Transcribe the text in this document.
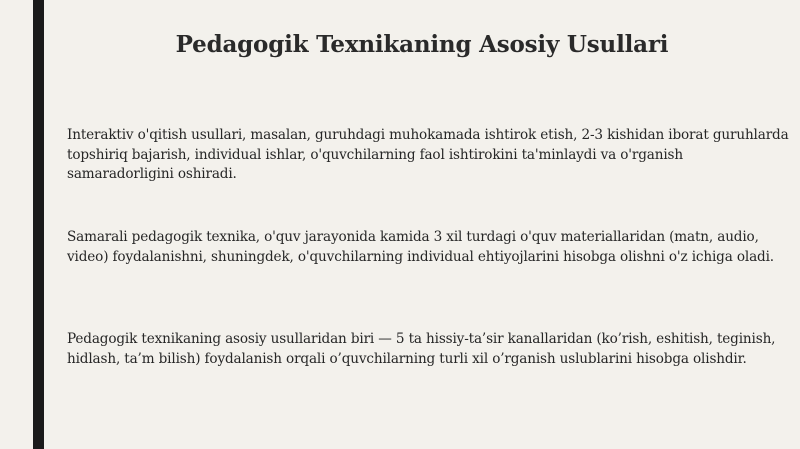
Pedagogik Texnikaning Asosiy Usullari

Interaktiv o'qitish usullari, masalan, guruhdagi muhokamada ishtirok etish, 2-3 kishidan iborat guruhlarda topshiriq bajarish, individual ishlar, o'quvchilarning faol ishtirokini ta'minlaydi va o'rganish samaradorligini oshiradi.

Samarali pedagogik texnika, o'quv jarayonida kamida 3 xil turdagi o'quv materiallaridan (matn, audio, video) foydalanishni, shuningdek, o'quvchilarning individual ehtiyojlarini hisobga olishni o'z ichiga oladi.

Pedagogik texnikaning asosiy usullaridan biri — 5 ta hissiy-ta’sir kanallaridan (ko’rish, eshitish, teginish, hidlash, ta’m bilish) foydalanish orqali o’quvchilarning turli xil o’rganish uslublarini hisobga olishdir.
